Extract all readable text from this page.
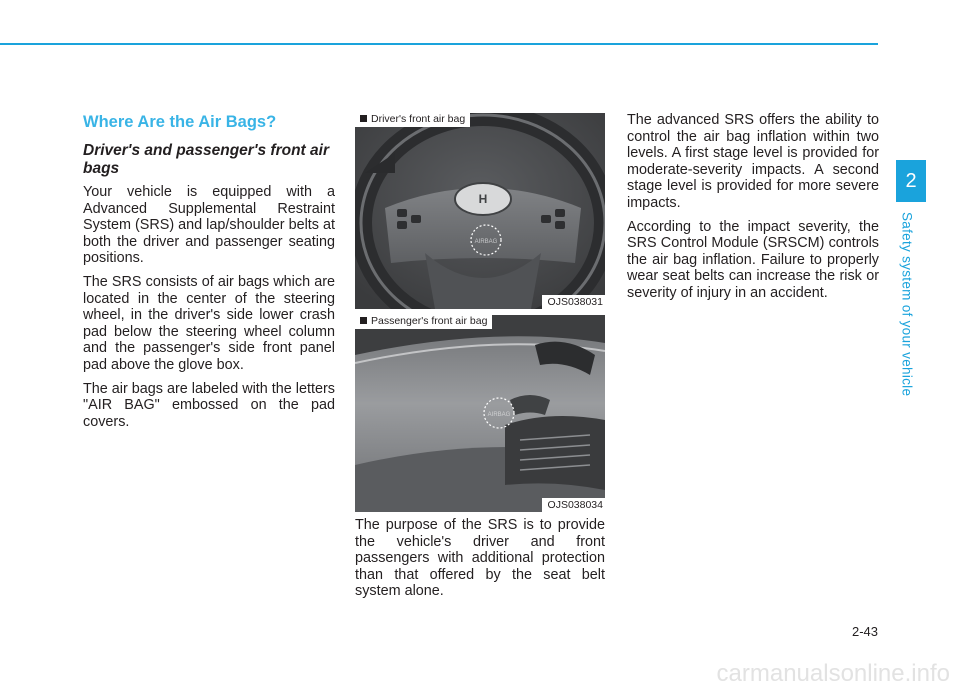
Where Are the Air Bags?
Driver's and passenger's front air bags

Your vehicle is equipped with a Advanced Supplemental Restraint System (SRS) and lap/shoulder belts at both the driver and passenger seating positions.

The SRS consists of air bags which are located in the center of the steering wheel, in the driver's side lower crash pad below the steering wheel column and the passenger's side front panel pad above the glove box.

The air bags are labeled with the letters "AIR BAG" embossed on the pad covers.

H
AIRBAG
Driver's front air bag
OJS038031
AIRBAG
Passenger's front air bag
OJS038034

The purpose of the SRS is to provide the vehicle's driver and front passengers with additional protection than that offered by the seat belt system alone.

The advanced SRS offers the ability to control the air bag inflation within two levels. A first stage level is provided for moderate-severity impacts. A second stage level is provided for more severe impacts.

According to the impact severity, the SRS Control Module (SRSCM) controls the air bag inflation. Failure to properly wear seat belts can increase the risk or severity of injury in an accident.

2
Safety system of your vehicle
2-43
carmanualsonline.info
